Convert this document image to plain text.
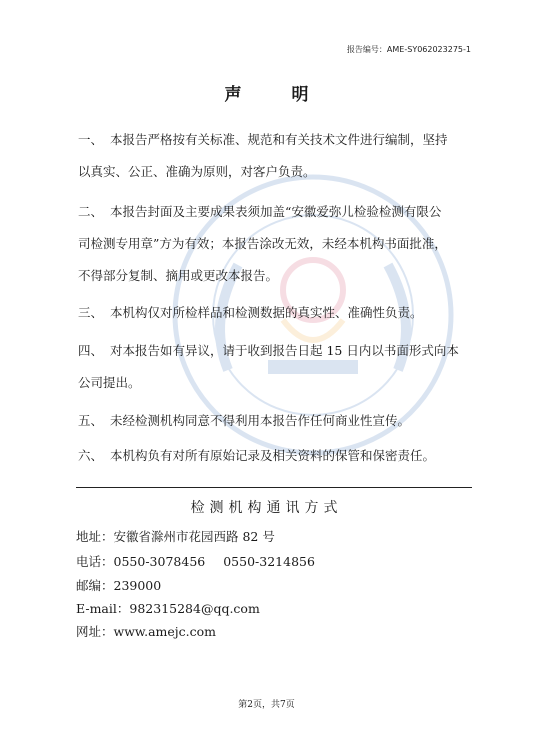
报告编号：AME-SY062023275-1
声 明
一、 本报告严格按有关标准、规范和有关技术文件进行编制，坚持
以真实、公正、准确为原则，对客户负责。
二、 本报告封面及主要成果表须加盖“安徽爱弥儿检验检测有限公
司检测专用章”方为有效；本报告涂改无效，未经本机构书面批准，
不得部分复制、摘用或更改本报告。
三、 本机构仅对所检样品和检测数据的真实性、准确性负责。
四、 对本报告如有异议，请于收到报告日起 15 日内以书面形式向本
公司提出。
五、 未经检测机构同意不得利用本报告作任何商业性宣传。
六、 本机构负有对所有原始记录及相关资料的保管和保密责任。
检测机构通讯方式
地址：安徽省滁州市花园西路 82 号
电话：0550-3078456 0550-3214856
邮编：239000
E-mail：982315284@qq.com
网址：www.amejc.com
第2页，共7页
